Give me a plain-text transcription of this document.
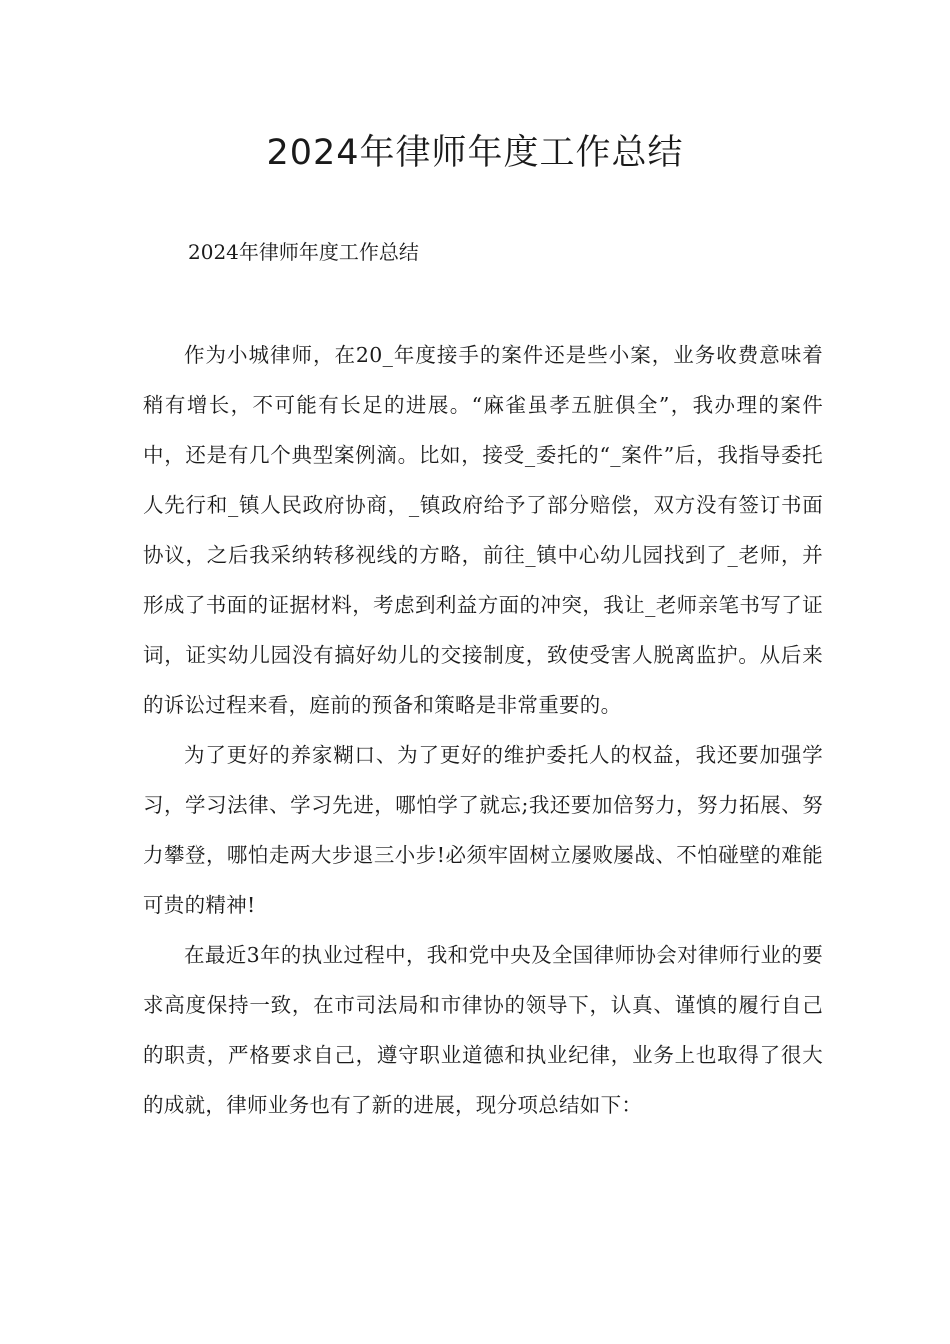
2024年律师年度工作总结
2024年律师年度工作总结

作为小城律师，在20_年度接手的案件还是些小案，业务收费意味着稍有增长，不可能有长足的进展。“麻雀虽孝五脏俱全”，我办理的案件中，还是有几个典型案例滴。比如，接受_委托的“_案件”后，我指导委托人先行和_镇人民政府协商，_镇政府给予了部分赔偿，双方没有签订书面协议，之后我采纳转移视线的方略，前往_镇中心幼儿园找到了_老师，并形成了书面的证据材料，考虑到利益方面的冲突，我让_老师亲笔书写了证词，证实幼儿园没有搞好幼儿的交接制度，致使受害人脱离监护。从后来的诉讼过程来看，庭前的预备和策略是非常重要的。

为了更好的养家糊口、为了更好的维护委托人的权益，我还要加强学习，学习法律、学习先进，哪怕学了就忘;我还要加倍努力，努力拓展、努力攀登，哪怕走两大步退三小步!必须牢固树立屡败屡战、不怕碰壁的难能可贵的精神!

在最近3年的执业过程中，我和党中央及全国律师协会对律师行业的要求高度保持一致，在市司法局和市律协的领导下，认真、谨慎的履行自己的职责，严格要求自己，遵守职业道德和执业纪律，业务上也取得了很大的成就，律师业务也有了新的进展，现分项总结如下：
